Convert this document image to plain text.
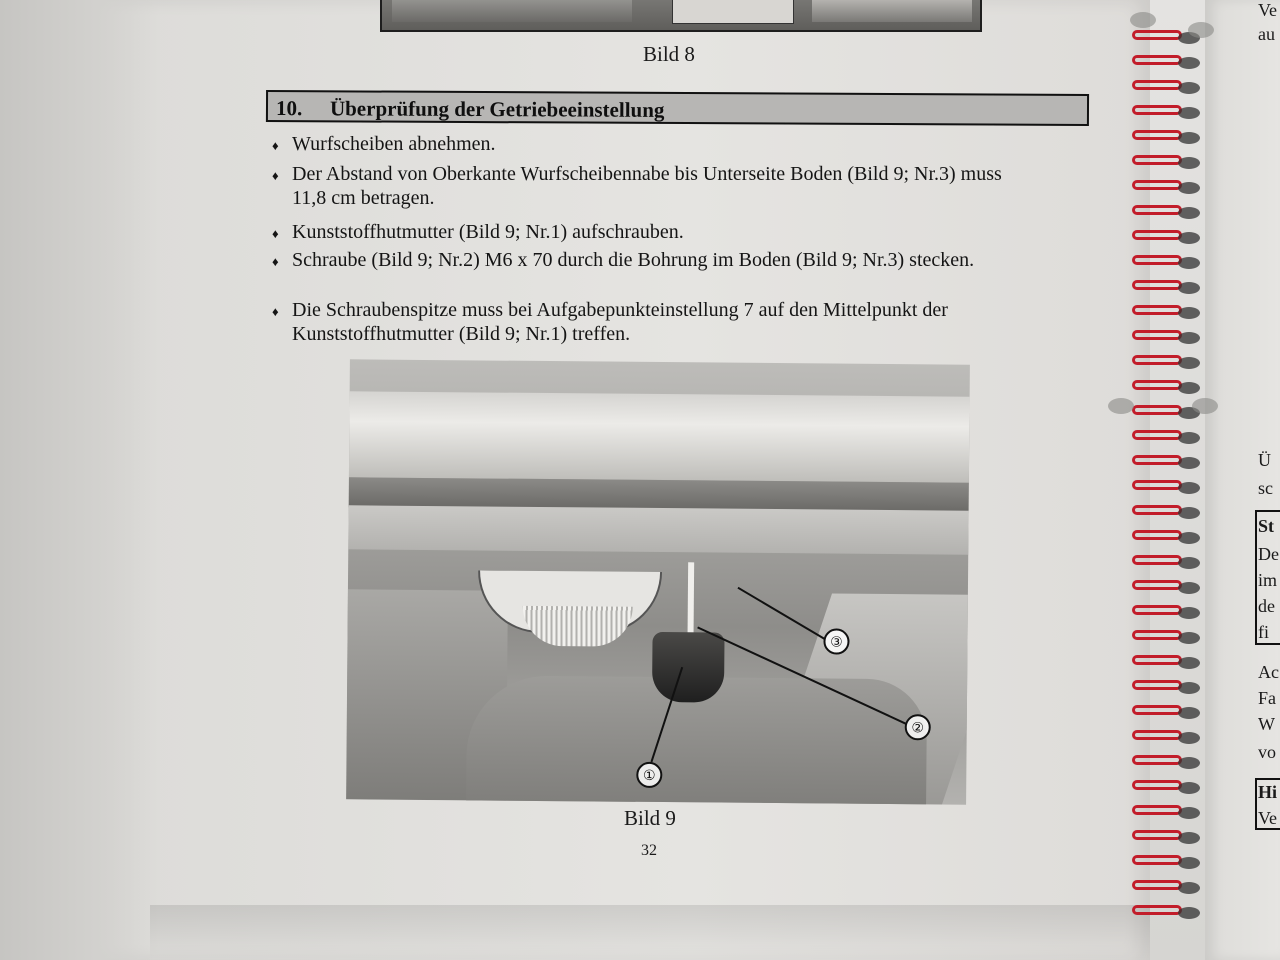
Bild 8
10. Überprüfung der Getriebeeinstellung
♦ Wurfscheiben abnehmen.
♦ Der Abstand von Oberkante Wurfscheibennabe bis Unterseite Boden (Bild 9; Nr.3) muss 11,8 cm betragen.
♦ Kunststoffhutmutter (Bild 9; Nr.1) aufschrauben.
♦ Schraube (Bild 9; Nr.2) M6 x 70 durch die Bohrung im Boden (Bild 9; Nr.3) stecken.
♦ Die Schraubenspitze muss bei Aufgabepunkteinstellung 7 auf den Mittelpunkt der Kunststoffhutmutter (Bild 9; Nr.1) treffen.
③
②
①
Bild 9
32
Ve
au
Ü
sc
St
De
im
de
fi
Ac
Fa
W
vo
Hi
Ve
